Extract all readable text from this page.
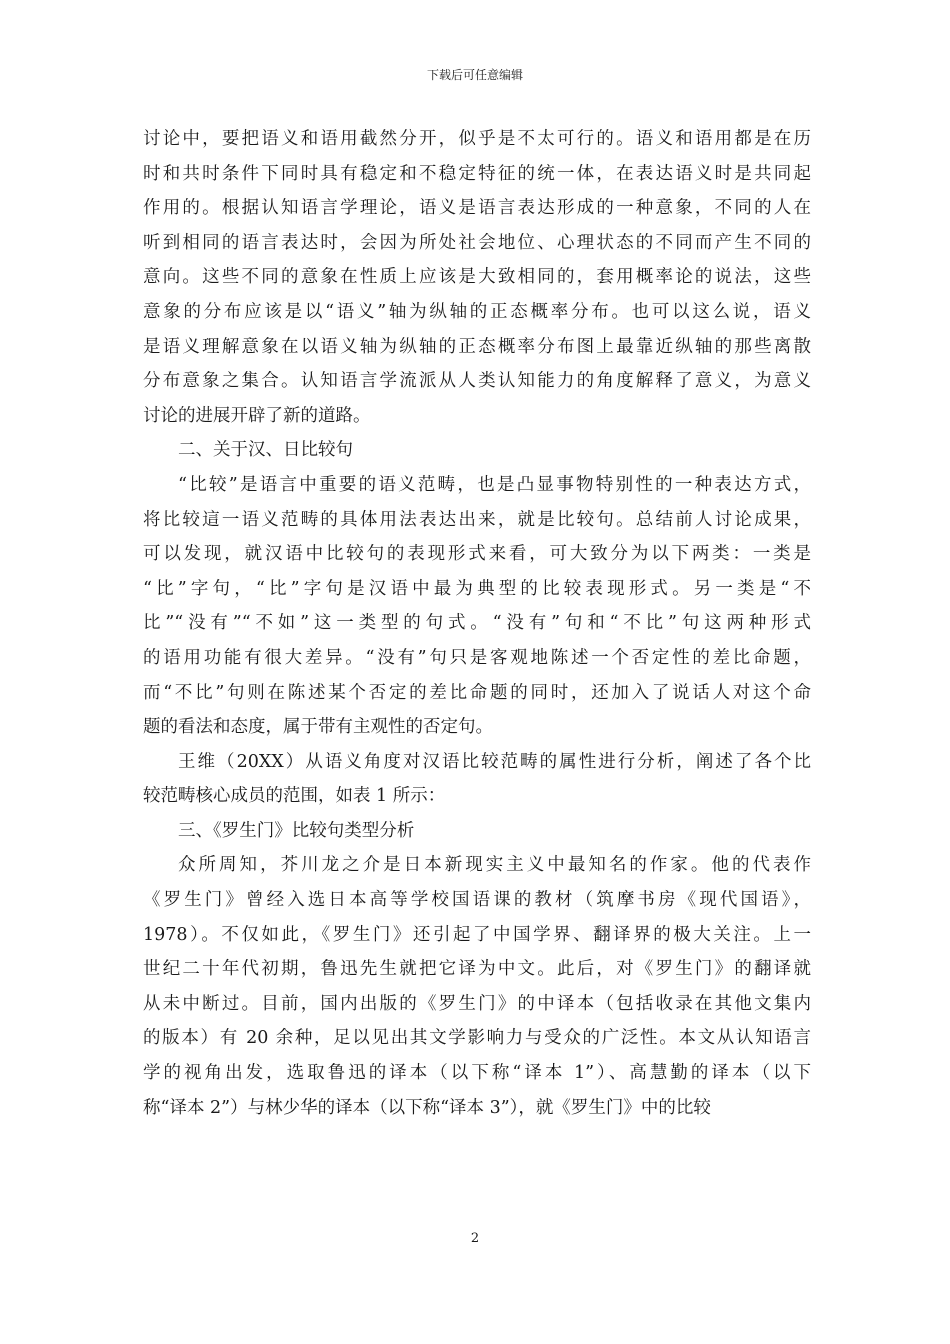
下载后可任意编辑
讨论中，要把语义和语用截然分开，似乎是不太可行的。语义和语用都是在历
时和共时条件下同时具有稳定和不稳定特征的统一体，在表达语义时是共同起
作用的。根据认知语言学理论，语义是语言表达形成的一种意象，不同的人在
听到相同的语言表达时，会因为所处社会地位、心理状态的不同而产生不同的
意向。这些不同的意象在性质上应该是大致相同的，套用概率论的说法，这些
意象的分布应该是以“语义”轴为纵轴的正态概率分布。也可以这么说，语义
是语义理解意象在以语义轴为纵轴的正态概率分布图上最靠近纵轴的那些离散
分布意象之集合。认知语言学流派从人类认知能力的角度解释了意义，为意义
讨论的进展开辟了新的道路。
二、关于汉、日比较句
“比较”是语言中重要的语义范畴，也是凸显事物特别性的一种表达方式，
将比较這一语义范畴的具体用法表达出来，就是比较句。总结前人讨论成果，
可以发现，就汉语中比较句的表现形式来看，可大致分为以下两类：一类是
“比”字句，“比”字句是汉语中最为典型的比较表现形式。另一类是“不
比”“没有”“不如”这一类型的句式。“没有”句和“不比”句这两种形式
的语用功能有很大差异。“没有”句只是客观地陈述一个否定性的差比命题，
而“不比”句则在陈述某个否定的差比命题的同时，还加入了说话人对这个命
题的看法和态度，属于带有主观性的否定句。
王维（20XX）从语义角度对汉语比较范畴的属性进行分析，阐述了各个比
较范畴核心成员的范围，如表 1 所示：
三、《罗生门》比较句类型分析
众所周知，芥川龙之介是日本新现实主义中最知名的作家。他的代表作
《罗生门》曾经入选日本高等学校国语课的教材（筑摩书房《现代国语》，
1978）。不仅如此，《罗生门》还引起了中国学界、翻译界的极大关注。上一
世纪二十年代初期，鲁迅先生就把它译为中文。此后，对《罗生门》的翻译就
从未中断过。目前，国内出版的《罗生门》的中译本（包括收录在其他文集内
的版本）有 20 余种，足以见出其文学影响力与受众的广泛性。本文从认知语言
学的视角出发，选取鲁迅的译本（以下称“译本 1”）、高慧勤的译本（以下
称“译本 2”）与林少华的译本（以下称“译本 3”），就《罗生门》中的比较
2
